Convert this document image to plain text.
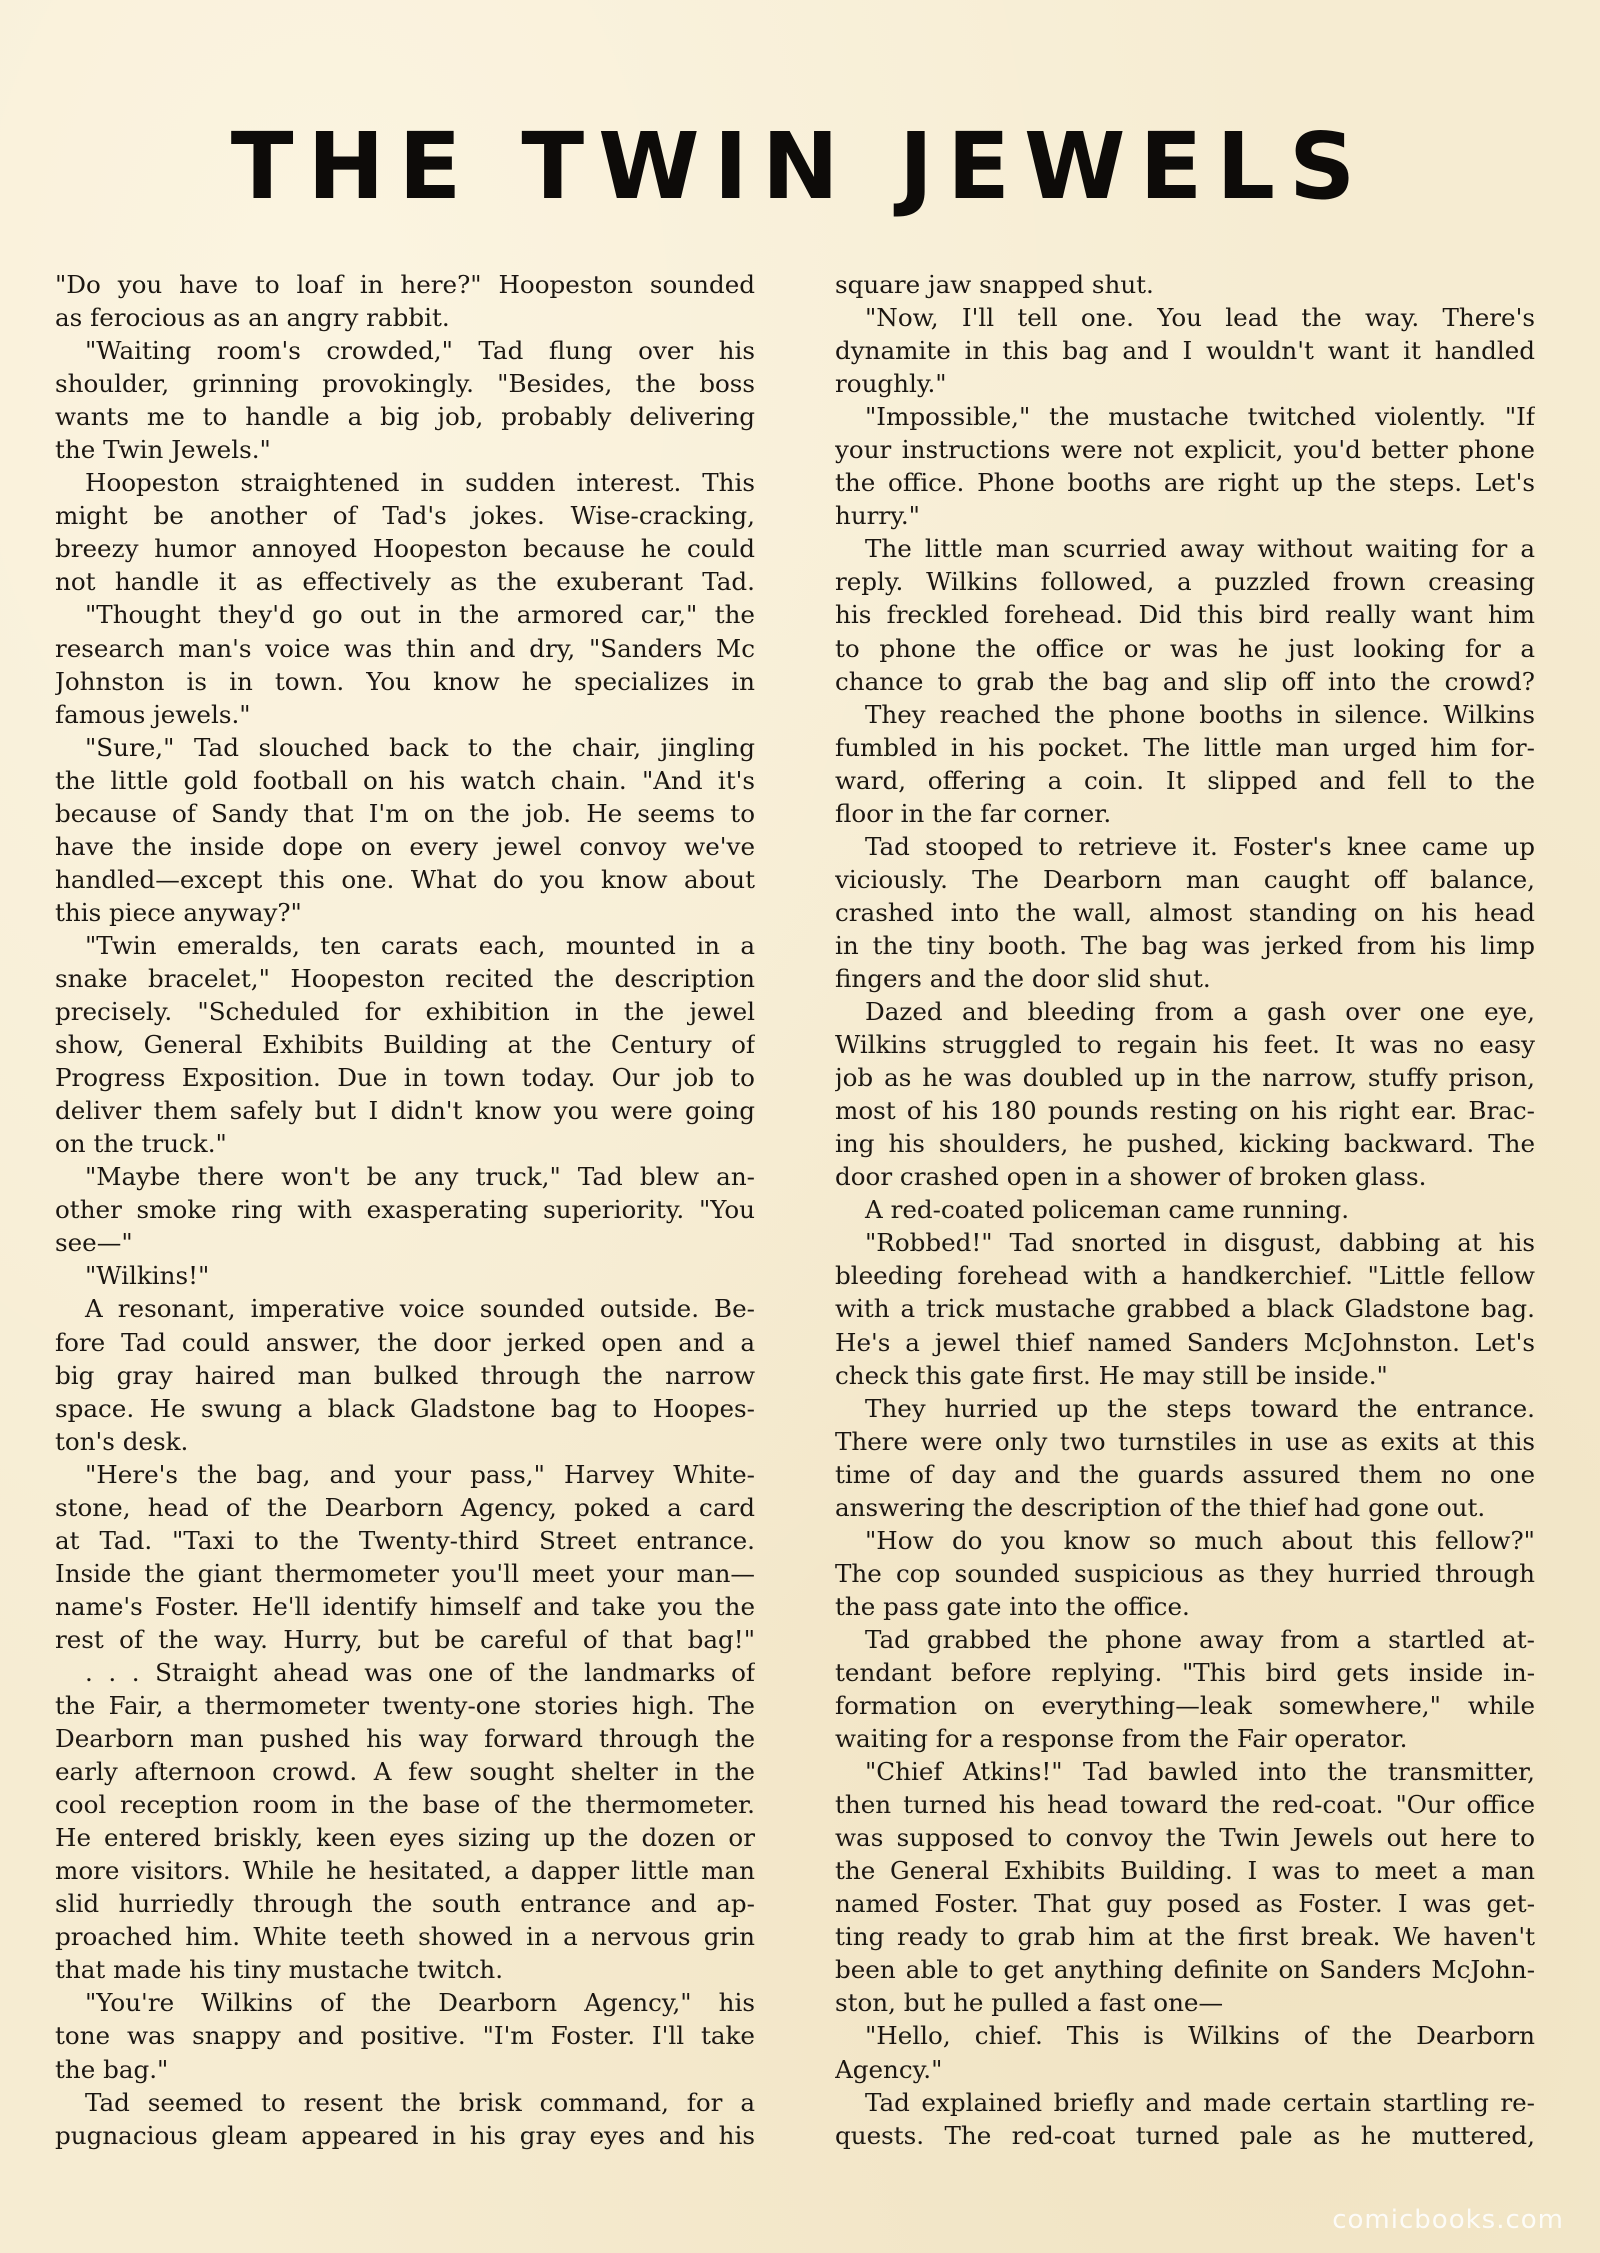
THE TWIN JEWELS
"Do you have to loaf in here?" Hoopeston sounded
as ferocious as an angry rabbit.
"Waiting room's crowded," Tad flung over his
shoulder, grinning provokingly. "Besides, the boss
wants me to handle a big job, probably delivering
the Twin Jewels."
Hoopeston straightened in sudden interest. This
might be another of Tad's jokes. Wise-cracking,
breezy humor annoyed Hoopeston because he could
not handle it as effectively as the exuberant Tad.
"Thought they'd go out in the armored car," the
research man's voice was thin and dry, "Sanders Mc
Johnston is in town. You know he specializes in
famous jewels."
"Sure," Tad slouched back to the chair, jingling
the little gold football on his watch chain. "And it's
because of Sandy that I'm on the job. He seems to
have the inside dope on every jewel convoy we've
handled—except this one. What do you know about
this piece anyway?"
"Twin emeralds, ten carats each, mounted in a
snake bracelet," Hoopeston recited the description
precisely. "Scheduled for exhibition in the jewel
show, General Exhibits Building at the Century of
Progress Exposition. Due in town today. Our job to
deliver them safely but I didn't know you were going
on the truck."
"Maybe there won't be any truck," Tad blew an-
other smoke ring with exasperating superiority. "You
see—"
"Wilkins!"
A resonant, imperative voice sounded outside. Be-
fore Tad could answer, the door jerked open and a
big gray haired man bulked through the narrow
space. He swung a black Gladstone bag to Hoopes-
ton's desk.
"Here's the bag, and your pass," Harvey White-
stone, head of the Dearborn Agency, poked a card
at Tad. "Taxi to the Twenty-third Street entrance.
Inside the giant thermometer you'll meet your man—
name's Foster. He'll identify himself and take you the
rest of the way. Hurry, but be careful of that bag!"
. . . Straight ahead was one of the landmarks of
the Fair, a thermometer twenty-one stories high. The
Dearborn man pushed his way forward through the
early afternoon crowd. A few sought shelter in the
cool reception room in the base of the thermometer.
He entered briskly, keen eyes sizing up the dozen or
more visitors. While he hesitated, a dapper little man
slid hurriedly through the south entrance and ap-
proached him. White teeth showed in a nervous grin
that made his tiny mustache twitch.
"You're Wilkins of the Dearborn Agency," his
tone was snappy and positive. "I'm Foster. I'll take
the bag."
Tad seemed to resent the brisk command, for a
pugnacious gleam appeared in his gray eyes and his
square jaw snapped shut.
"Now, I'll tell one. You lead the way. There's
dynamite in this bag and I wouldn't want it handled
roughly."
"Impossible," the mustache twitched violently. "If
your instructions were not explicit, you'd better phone
the office. Phone booths are right up the steps. Let's
hurry."
The little man scurried away without waiting for a
reply. Wilkins followed, a puzzled frown creasing
his freckled forehead. Did this bird really want him
to phone the office or was he just looking for a
chance to grab the bag and slip off into the crowd?
They reached the phone booths in silence. Wilkins
fumbled in his pocket. The little man urged him for-
ward, offering a coin. It slipped and fell to the
floor in the far corner.
Tad stooped to retrieve it. Foster's knee came up
viciously. The Dearborn man caught off balance,
crashed into the wall, almost standing on his head
in the tiny booth. The bag was jerked from his limp
fingers and the door slid shut.
Dazed and bleeding from a gash over one eye,
Wilkins struggled to regain his feet. It was no easy
job as he was doubled up in the narrow, stuffy prison,
most of his 180 pounds resting on his right ear. Brac-
ing his shoulders, he pushed, kicking backward. The
door crashed open in a shower of broken glass.
A red-coated policeman came running.
"Robbed!" Tad snorted in disgust, dabbing at his
bleeding forehead with a handkerchief. "Little fellow
with a trick mustache grabbed a black Gladstone bag.
He's a jewel thief named Sanders McJohnston. Let's
check this gate first. He may still be inside."
They hurried up the steps toward the entrance.
There were only two turnstiles in use as exits at this
time of day and the guards assured them no one
answering the description of the thief had gone out.
"How do you know so much about this fellow?"
The cop sounded suspicious as they hurried through
the pass gate into the office.
Tad grabbed the phone away from a startled at-
tendant before replying. "This bird gets inside in-
formation on everything—leak somewhere," while
waiting for a response from the Fair operator.
"Chief Atkins!" Tad bawled into the transmitter,
then turned his head toward the red-coat. "Our office
was supposed to convoy the Twin Jewels out here to
the General Exhibits Building. I was to meet a man
named Foster. That guy posed as Foster. I was get-
ting ready to grab him at the first break. We haven't
been able to get anything definite on Sanders McJohn-
ston, but he pulled a fast one—
"Hello, chief. This is Wilkins of the Dearborn
Agency."
Tad explained briefly and made certain startling re-
quests. The red-coat turned pale as he muttered,
comicbooks.com
